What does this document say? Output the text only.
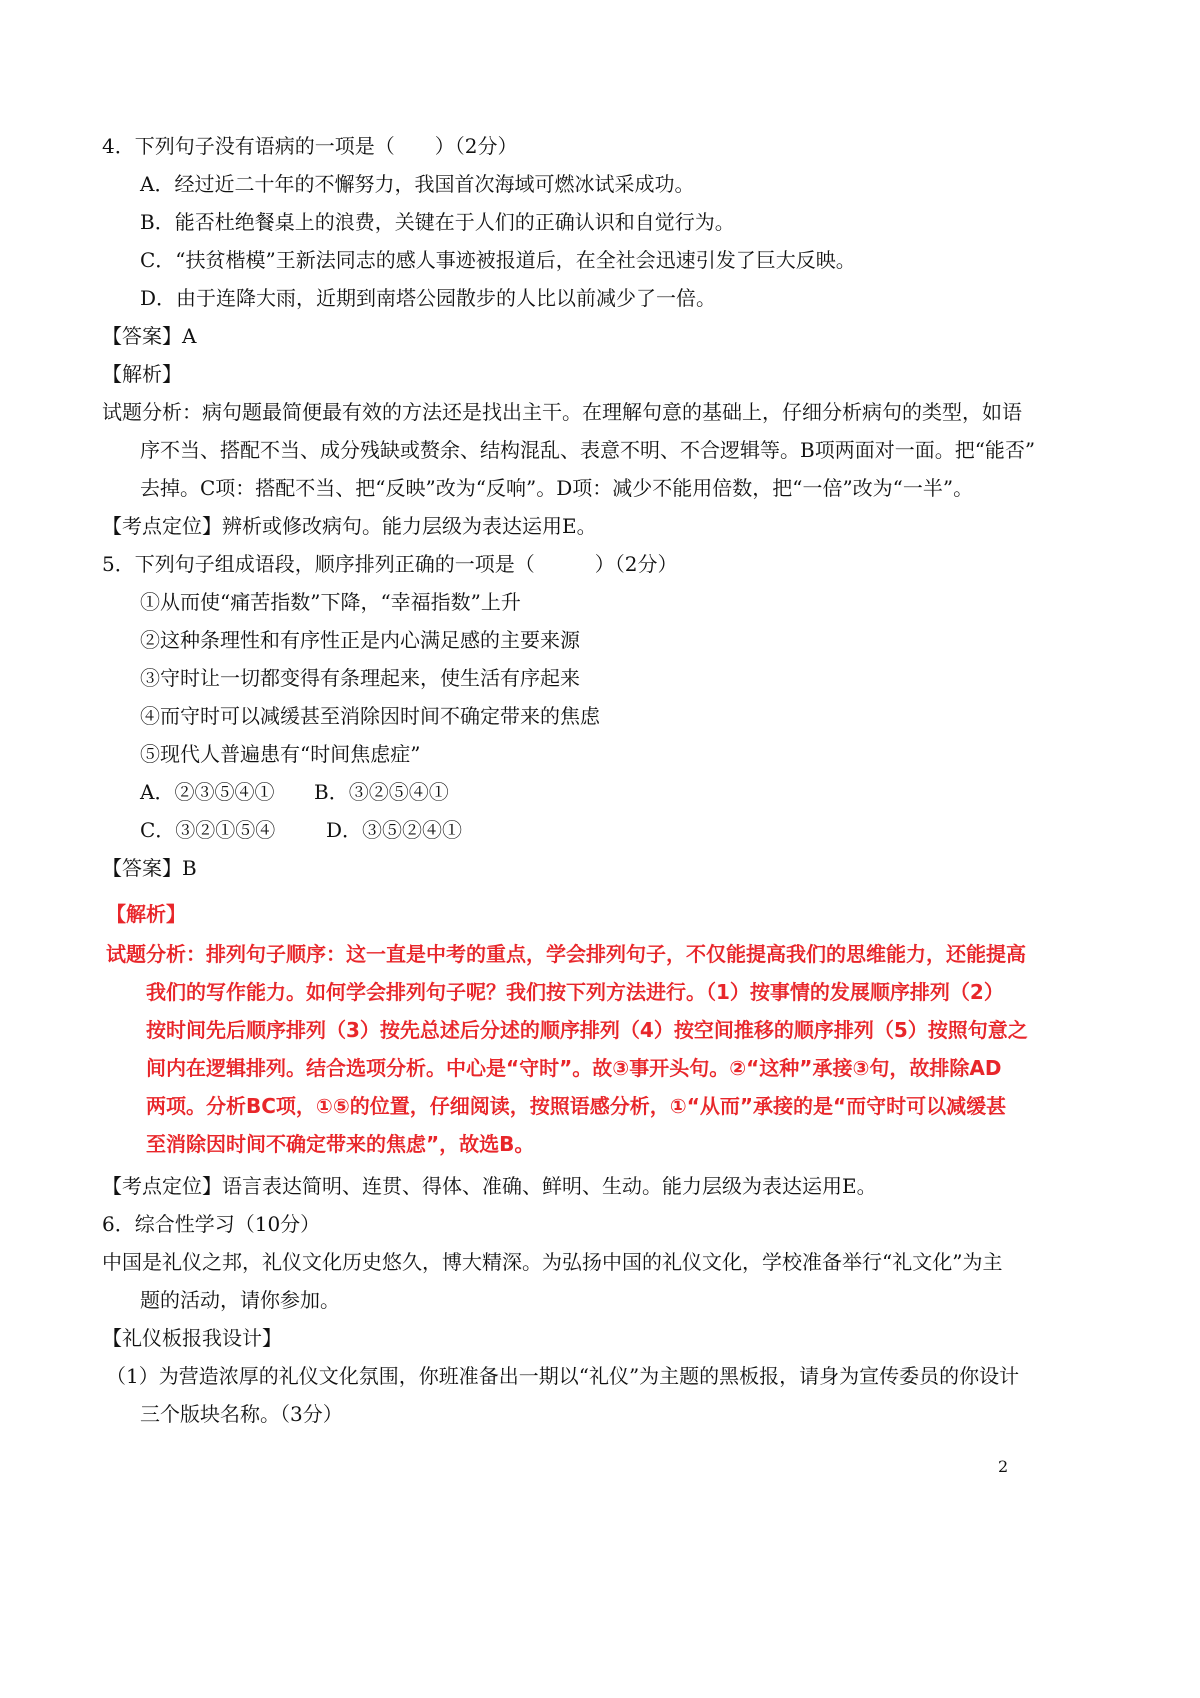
4．下列句子没有语病的一项是（　　）（2分）
A．经过近二十年的不懈努力，我国首次海域可燃冰试采成功。
B．能否杜绝餐桌上的浪费，关键在于人们的正确认识和自觉行为。
C．“扶贫楷模”王新法同志的感人事迹被报道后，在全社会迅速引发了巨大反映。
D．由于连降大雨，近期到南塔公园散步的人比以前减少了一倍。
【答案】A
【解析】
试题分析：病句题最简便最有效的方法还是找出主干。在理解句意的基础上，仔细分析病句的类型，如语
序不当、搭配不当、成分残缺或赘余、结构混乱、表意不明、不合逻辑等。B项两面对一面。把“能否”
去掉。C项：搭配不当、把“反映”改为“反响”。D项：减少不能用倍数，把“一倍”改为“一半”。
【考点定位】辨析或修改病句。能力层级为表达运用E。
5．下列句子组成语段，顺序排列正确的一项是（　　　）（2分）
①从而使“痛苦指数”下降，“幸福指数”上升
②这种条理性和有序性正是内心满足感的主要来源
③守时让一切都变得有条理起来，使生活有序起来
④而守时可以减缓甚至消除因时间不确定带来的焦虑
⑤现代人普遍患有“时间焦虑症”
A．②③⑤④① B．③②⑤④①
C．③②①⑤④	D．③⑤②④①
【答案】B
【解析】
试题分析：排列句子顺序：这一直是中考的重点，学会排列句子，不仅能提高我们的思维能力，还能提高
我们的写作能力。如何学会排列句子呢？我们按下列方法进行。（1）按事情的发展顺序排列（2）
按时间先后顺序排列（3）按先总述后分述的顺序排列（4）按空间推移的顺序排列（5）按照句意之
间内在逻辑排列。结合选项分析。中心是“守时”。故③事开头句。②“这种”承接③句，故排除AD
两项。分析BC项，①⑤的位置，仔细阅读，按照语感分析，①“从而”承接的是“而守时可以减缓甚
至消除因时间不确定带来的焦虑”，故选B。
【考点定位】语言表达简明、连贯、得体、准确、鲜明、生动。能力层级为表达运用E。
6．综合性学习（10分）
中国是礼仪之邦，礼仪文化历史悠久，博大精深。为弘扬中国的礼仪文化，学校准备举行“礼文化”为主
题的活动，请你参加。
【礼仪板报我设计】
（1）为营造浓厚的礼仪文化氛围，你班准备出一期以“礼仪”为主题的黑板报，请身为宣传委员的你设计
三个版块名称。（3分）
2
